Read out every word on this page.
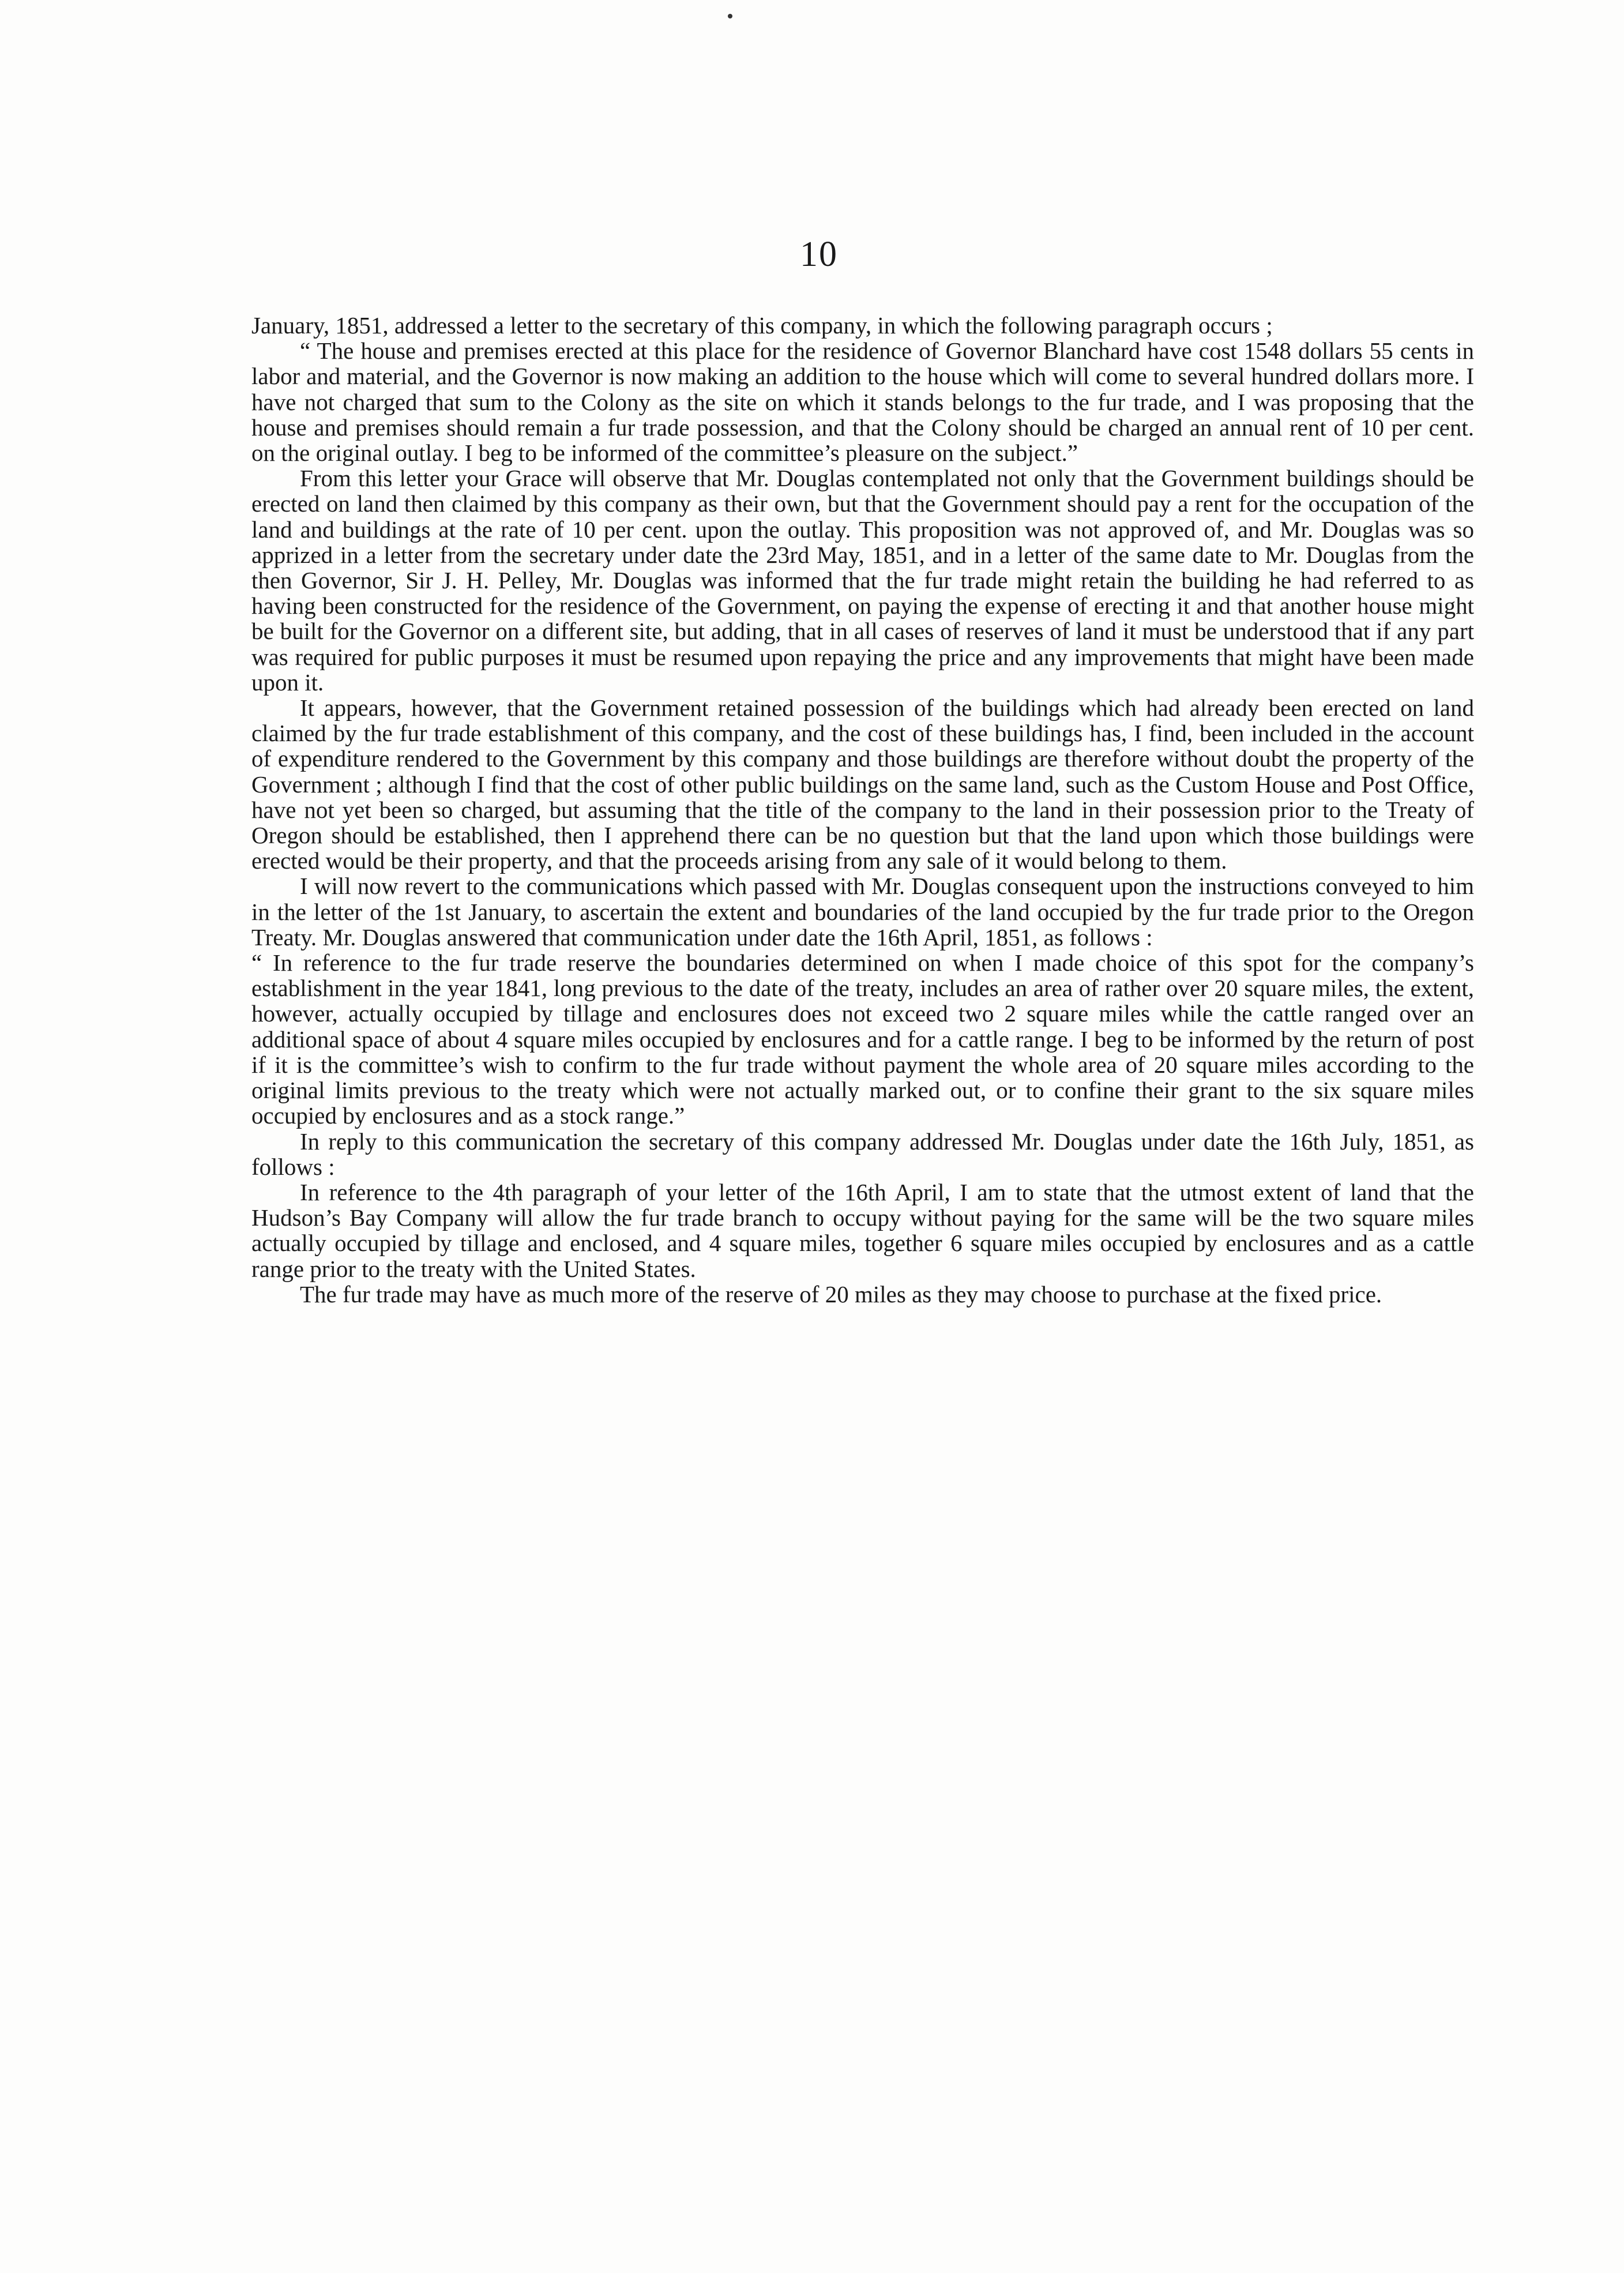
10

January, 1851, addressed a letter to the secretary of this company, in which the following paragraph occurs ;

“ The house and premises erected at this place for the residence of Governor Blanchard have cost 1548 dollars 55 cents in labor and material, and the Governor is now making an addition to the house which will come to several hundred dollars more. I have not charged that sum to the Colony as the site on which it stands belongs to the fur trade, and I was proposing that the house and premises should remain a fur trade possession, and that the Colony should be charged an annual rent of 10 per cent. on the original outlay. I beg to be informed of the committee’s pleasure on the subject.”

From this letter your Grace will observe that Mr. Douglas contemplated not only that the Government buildings should be erected on land then claimed by this company as their own, but that the Government should pay a rent for the occupation of the land and buildings at the rate of 10 per cent. upon the outlay. This proposition was not approved of, and Mr. Douglas was so apprized in a letter from the secretary under date the 23rd May, 1851, and in a letter of the same date to Mr. Douglas from the then Governor, Sir J. H. Pelley, Mr. Douglas was informed that the fur trade might retain the building he had referred to as having been constructed for the residence of the Government, on paying the expense of erecting it and that another house might be built for the Governor on a different site, but adding, that in all cases of reserves of land it must be understood that if any part was required for public purposes it must be resumed upon repaying the price and any improvements that might have been made upon it.

It appears, however, that the Government retained possession of the buildings which had already been erected on land claimed by the fur trade establishment of this company, and the cost of these buildings has, I find, been included in the account of expenditure rendered to the Government by this company and those buildings are therefore without doubt the property of the Government ; although I find that the cost of other public buildings on the same land, such as the Custom House and Post Office, have not yet been so charged, but assuming that the title of the company to the land in their possession prior to the Treaty of Oregon should be established, then I apprehend there can be no question but that the land upon which those buildings were erected would be their property, and that the proceeds arising from any sale of it would belong to them.

I will now revert to the communications which passed with Mr. Douglas consequent upon the instructions conveyed to him in the letter of the 1st January, to ascertain the extent and boundaries of the land occupied by the fur trade prior to the Oregon Treaty. Mr. Douglas answered that communication under date the 16th April, 1851, as follows :

“ In reference to the fur trade reserve the boundaries determined on when I made choice of this spot for the company’s establishment in the year 1841, long previous to the date of the treaty, includes an area of rather over 20 square miles, the extent, however, actually occupied by tillage and enclosures does not exceed two 2 square miles while the cattle ranged over an additional space of about 4 square miles occupied by enclosures and for a cattle range. I beg to be informed by the return of post if it is the committee’s wish to confirm to the fur trade without payment the whole area of 20 square miles according to the original limits previous to the treaty which were not actually marked out, or to confine their grant to the six square miles occupied by enclosures and as a stock range.”

In reply to this communication the secretary of this company addressed Mr. Douglas under date the 16th July, 1851, as follows :

In reference to the 4th paragraph of your letter of the 16th April, I am to state that the utmost extent of land that the Hudson’s Bay Company will allow the fur trade branch to occupy without paying for the same will be the two square miles actually occupied by tillage and enclosed, and 4 square miles, together 6 square miles occupied by enclosures and as a cattle range prior to the treaty with the United States.

The fur trade may have as much more of the reserve of 20 miles as they may choose to purchase at the fixed price.
